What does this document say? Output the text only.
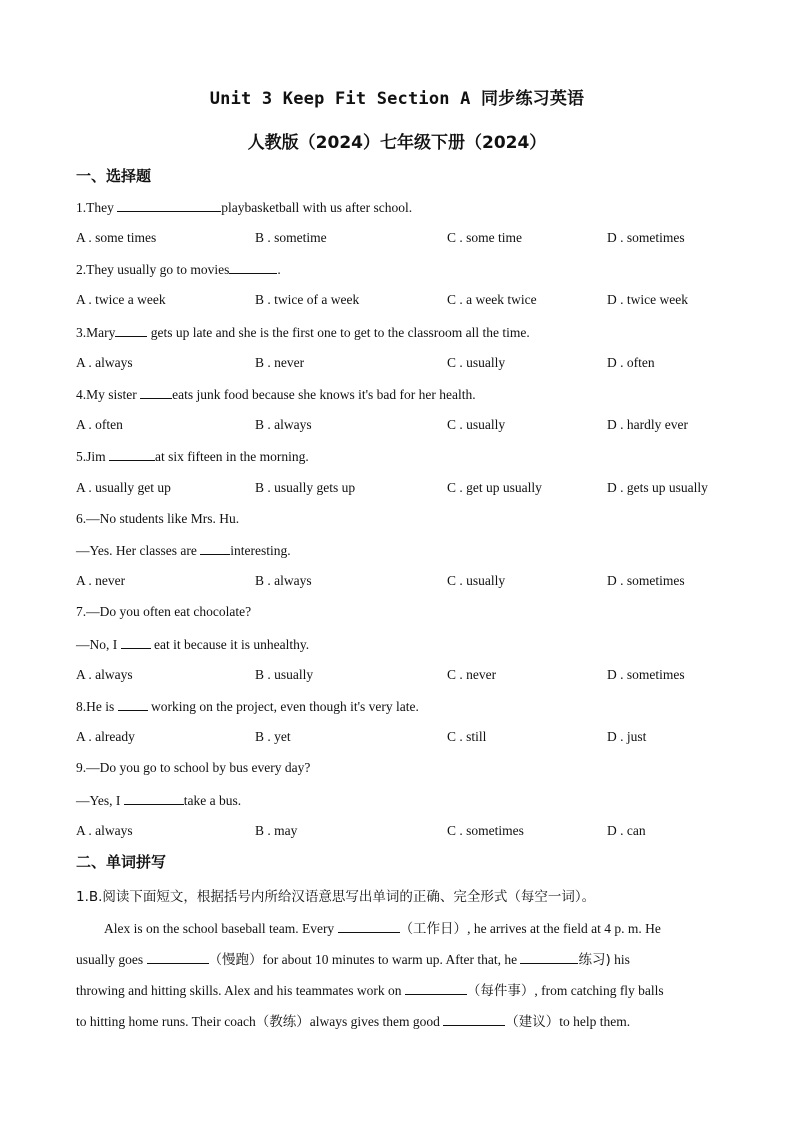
Unit 3 Keep Fit Section A 同步练习英语
人教版（2024）七年级下册（2024）
一、选择题
1.They	playbasketball with us after school.
A . some times	B . sometime	C . some time	D . sometimes
2.They usually go to movies	.
A . twice a week	B . twice of a week	C . a week twice	D . twice week
3.Mary gets up late and she is the first one to get to the classroom all the time.
A . always	B . never	C . usually	D . often
4.My sister eats junk food because she knows it's bad for her health.
A . often	B . always	C . usually	D . hardly ever
5.Jim	at six fifteen in the morning.
A . usually get up	B . usually gets up	C . get up usually	D . gets up usually
6.—No students like Mrs. Hu.
—Yes. Her classes are interesting.
A . never	B . always	C . usually	D . sometimes
7.—Do you often eat chocolate?
—No, I  eat it because it is unhealthy.
A . always	B . usually	C . never	D . sometimes
8.He is  working on the project, even though it's very late.
A . already	B . yet	C . still	D . just
9.—Do you go to school by bus every day?
—Yes, I	take a bus.
A . always	B . may	C . sometimes	D . can
二、单词拼写
1.B.阅读下面短文，根据括号内所给汉语意思写出单词的正确、完全形式（每空一词）。
Alex is on the school baseball team. Every	（工作日）, he arrives at the field at 4 p. m. He
usually goes	（慢跑）for about 10 minutes to warm up. After that, he	练习) his
throwing and hitting skills. Alex and his teammates work on	（每件事）, from catching fly balls
to hitting home runs. Their coach（教练）always gives them good	（建议）to help them.
